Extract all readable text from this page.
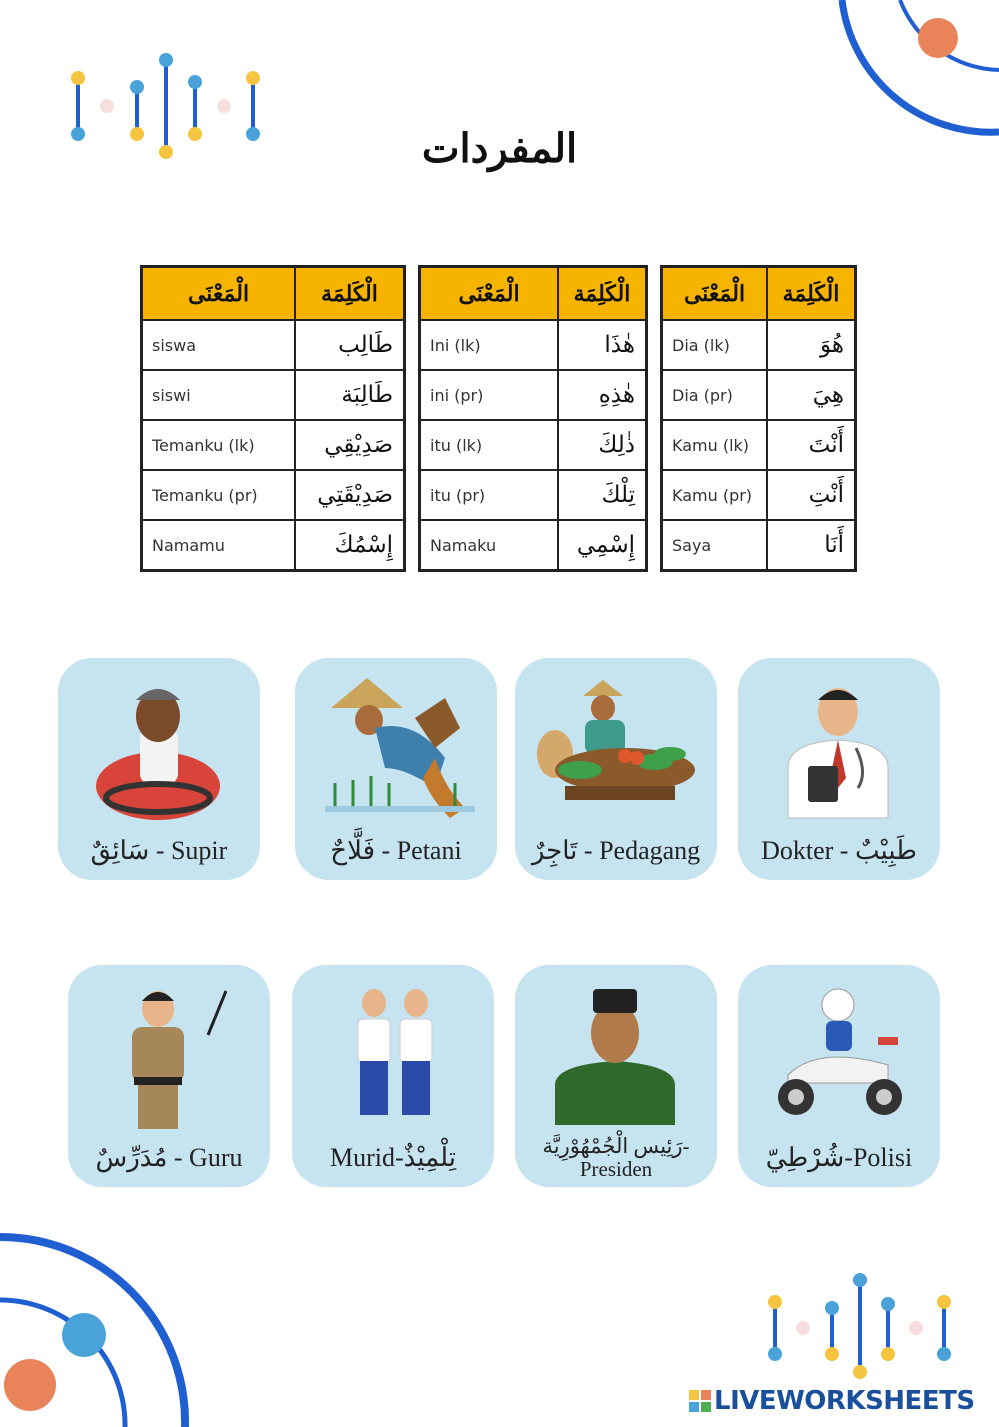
المفردات
الْمَعْنَى	الْكَلِمَة
siswa	طَالِب
siswi	طَالِبَة
Temanku (lk)	صَدِيْقِي
Temanku (pr)	صَدِيْقَتِي
Namamu	إِسْمُكَ
الْمَعْنَى	الْكَلِمَة
Ini (lk)	هٰذَا
ini (pr)	هٰذِهِ
itu (lk)	ذٰلِكَ
itu (pr)	تِلْكَ
Namaku	إِسْمِي
الْمَعْنَى	الْكَلِمَة
Dia (lk)	هُوَ
Dia (pr)	هِيَ
Kamu (lk)	أَنْتَ
Kamu (pr)	أَنْتِ
Saya	أَنَا
سَائِقٌ - Supir	فَلَّاحٌ - Petani	تَاجِرٌ - Pedagang	Dokter - طَبِيْبٌ
مُدَرِّسٌ - Guru	Murid-تِلْمِيْذٌ	رَئِيس الْجُمْهُوْرِيَّة-
Presiden	شُرْطِيّ-Polisi
LIVEWORKSHEETS
